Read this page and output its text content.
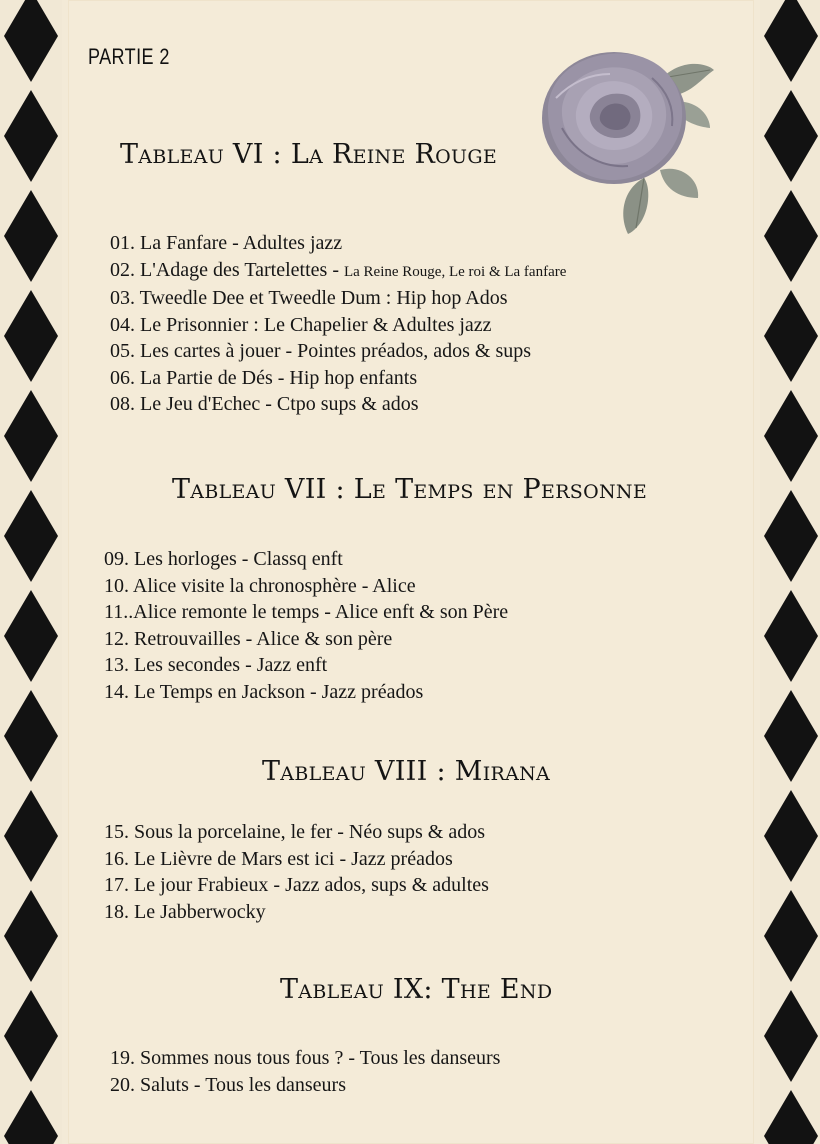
PARTIE 2
Tableau VI : La Reine Rouge
01. La Fanfare - Adultes jazz
02. L'Adage des Tartelettes - La Reine Rouge, Le roi & La fanfare
03. Tweedle Dee et Tweedle Dum : Hip hop Ados
04. Le Prisonnier : Le Chapelier & Adultes jazz
05. Les cartes à jouer - Pointes préados, ados & sups
06. La Partie de Dés - Hip hop enfants
08. Le Jeu d'Echec - Ctpo sups & ados
Tableau VII : Le Temps en Personne
09. Les horloges - Classq enft
10. Alice visite la chronosphère - Alice
11..Alice remonte le temps - Alice enft & son Père
12. Retrouvailles - Alice & son père
13. Les secondes - Jazz enft
14. Le Temps en Jackson - Jazz préados
Tableau VIII : Mirana
15. Sous la porcelaine, le fer - Néo sups & ados
16. Le Lièvre de Mars est ici - Jazz préados
17. Le jour Frabieux - Jazz ados, sups & adultes
18. Le Jabberwocky
Tableau IX: The End
19. Sommes nous tous fous ? - Tous les danseurs
20. Saluts - Tous les danseurs
